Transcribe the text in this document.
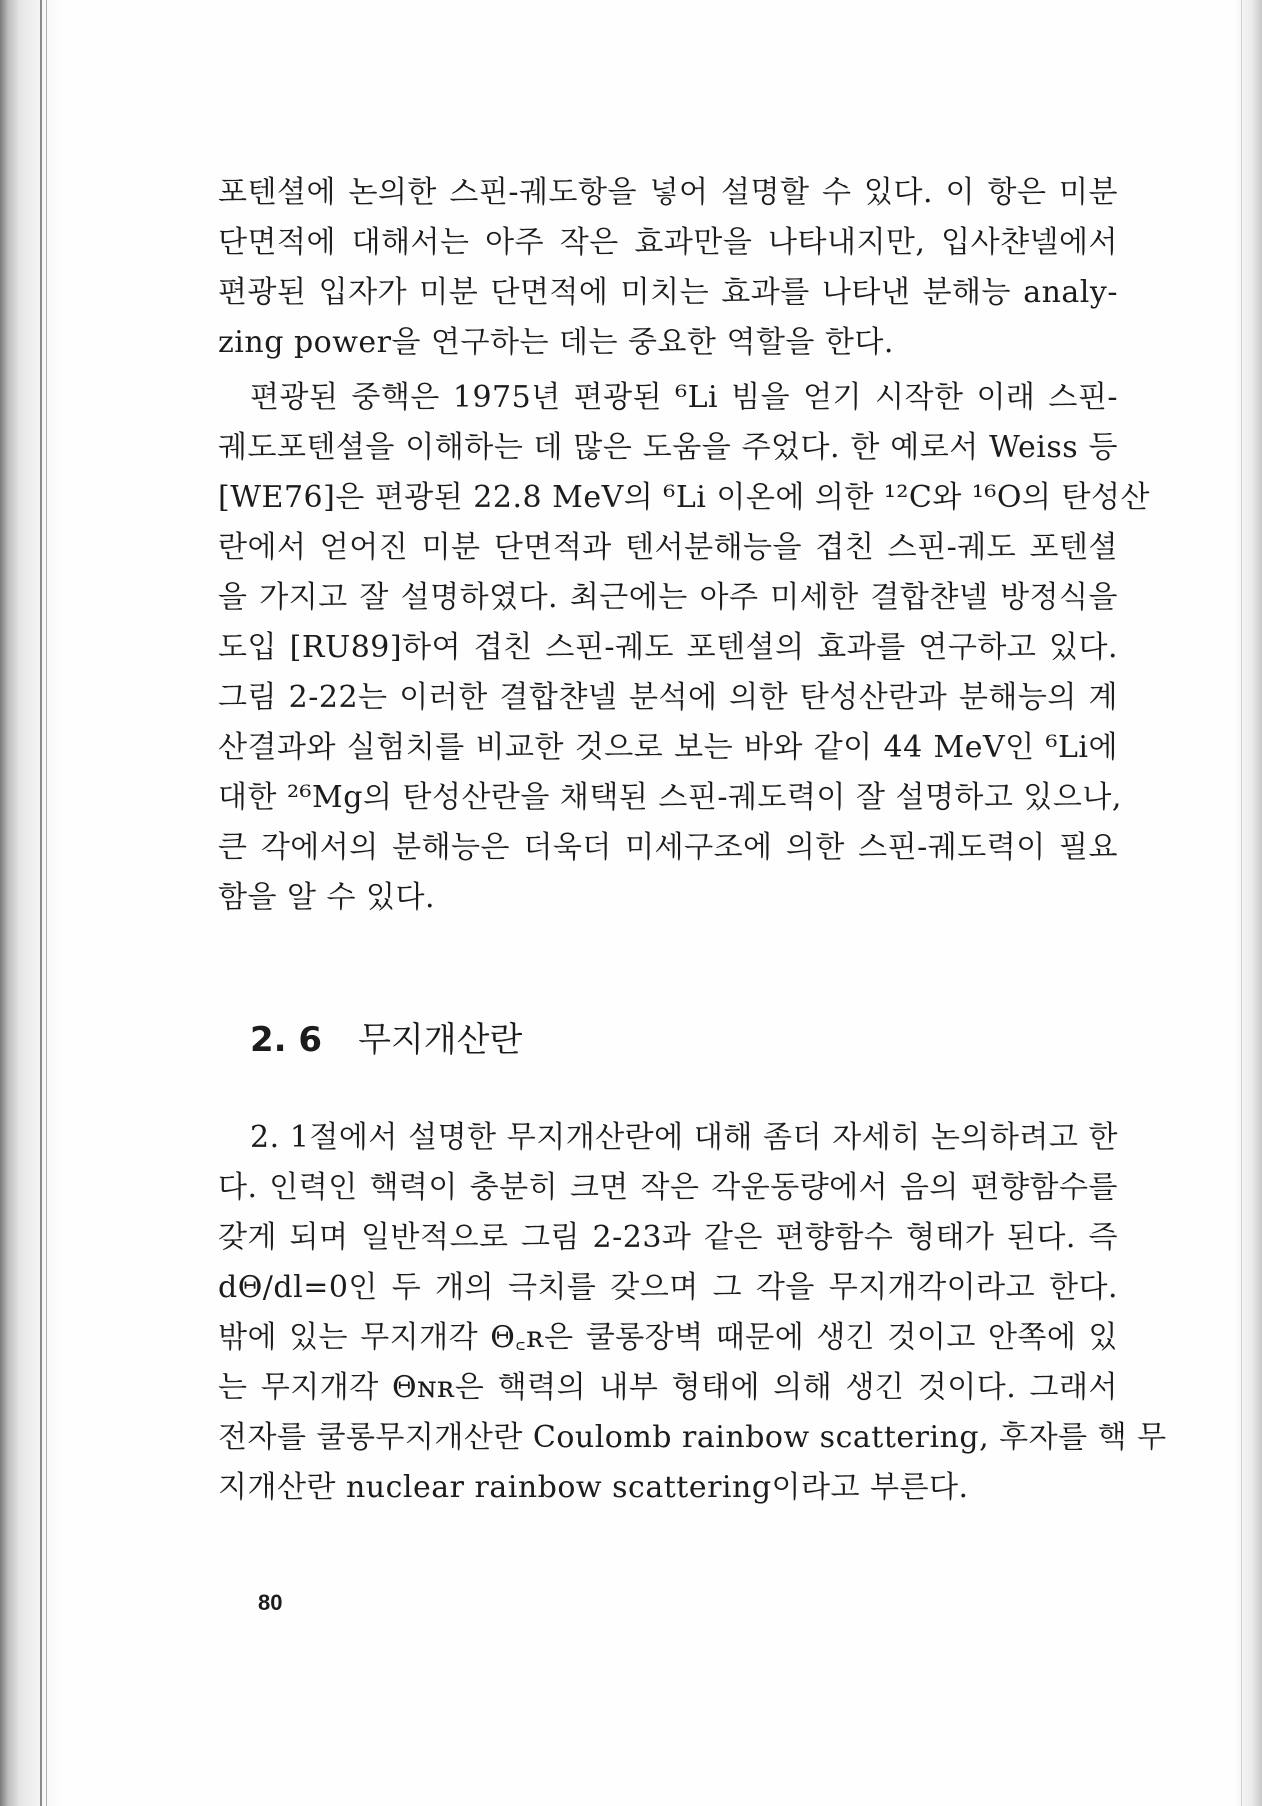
포텐셜에 논의한 스핀-궤도항을 넣어 설명할 수 있다. 이 항은 미분
단면적에 대해서는 아주 작은 효과만을 나타내지만, 입사챤넬에서
편광된 입자가 미분 단면적에 미치는 효과를 나타낸 분해능 analy-
zing power을 연구하는 데는 중요한 역할을 한다.
편광된 중핵은 1975년 편광된 ⁶Li 빔을 얻기 시작한 이래 스핀-
궤도포텐셜을 이해하는 데 많은 도움을 주었다. 한 예로서 Weiss 등
[WE76]은 편광된 22.8 MeV의 ⁶Li 이온에 의한 ¹²C와 ¹⁶O의 탄성산
란에서 얻어진 미분 단면적과 텐서분해능을 겹친 스핀-궤도 포텐셜
을 가지고 잘 설명하였다. 최근에는 아주 미세한 결합챤넬 방정식을
도입 [RU89]하여 겹친 스핀-궤도 포텐셜의 효과를 연구하고 있다.
그림 2-22는 이러한 결합챤넬 분석에 의한 탄성산란과 분해능의 계
산결과와 실험치를 비교한 것으로 보는 바와 같이 44 MeV인 ⁶Li에
대한 ²⁶Mg의 탄성산란을 채택된 스핀-궤도력이 잘 설명하고 있으나,
큰 각에서의 분해능은 더욱더 미세구조에 의한 스핀-궤도력이 필요
함을 알 수 있다.
2. 6 무지개산란
2. 1절에서 설명한 무지개산란에 대해 좀더 자세히 논의하려고 한
다. 인력인 핵력이 충분히 크면 작은 각운동량에서 음의 편향함수를
갖게 되며 일반적으로 그림 2-23과 같은 편향함수 형태가 된다. 즉
dΘ/dl=0인 두 개의 극치를 갖으며 그 각을 무지개각이라고 한다.
밖에 있는 무지개각 Θ꜀ʀ은 쿨롱장벽 때문에 생긴 것이고 안쪽에 있
는 무지개각 Θɴʀ은 핵력의 내부 형태에 의해 생긴 것이다. 그래서
전자를 쿨롱무지개산란 Coulomb rainbow scattering, 후자를 핵 무
지개산란 nuclear rainbow scattering이라고 부른다.
80
